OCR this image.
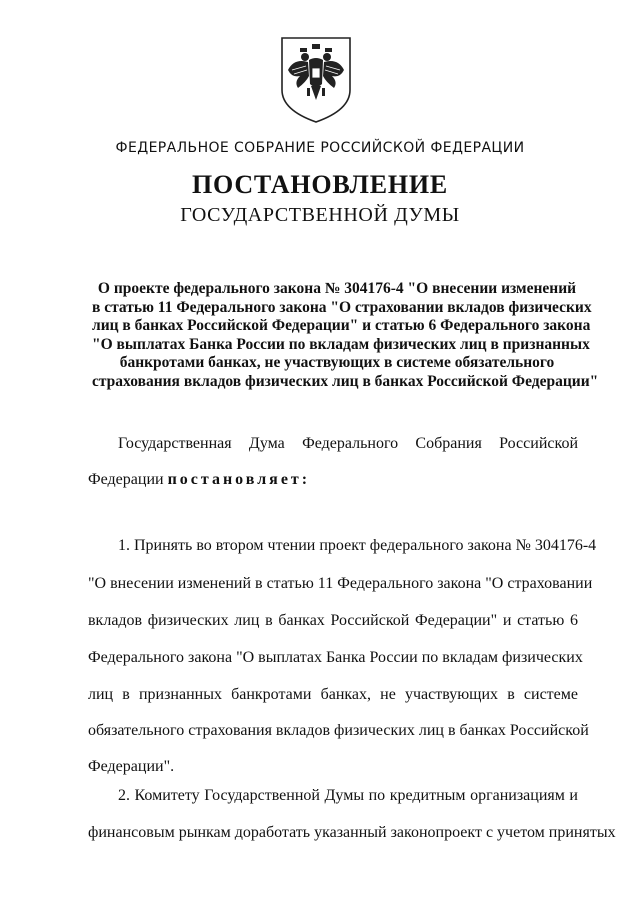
ФЕДЕРАЛЬНОЕ СОБРАНИЕ РОССИЙСКОЙ ФЕДЕРАЦИИ
ПОСТАНОВЛЕНИЕ
ГОСУДАРСТВЕННОЙ ДУМЫ
О проекте федерального закона № 304176-4 "О внесении изменений
в статью 11 Федерального закона "О страховании вкладов физических
лиц в банках Российской Федерации" и статью 6 Федерального закона
"О выплатах Банка России по вкладам физических лиц в признанных
банкротами банках, не участвующих в системе обязательного
страхования вкладов физических лиц в банках Российской Федерации"
Государственная Дума Федерального Собрания Российской
Федерации постановляет:
1. Принять во втором чтении проект федерального закона № 304176-4
"О внесении изменений в статью 11 Федерального закона "О страховании
вкладов физических лиц в банках Российской Федерации" и статью 6
Федерального закона "О выплатах Банка России по вкладам физических
лиц в признанных банкротами банках, не участвующих в системе
обязательного страхования вкладов физических лиц в банках Российской
Федерации".
2. Комитету Государственной Думы по кредитным организациям и
финансовым рынкам доработать указанный законопроект с учетом принятых
